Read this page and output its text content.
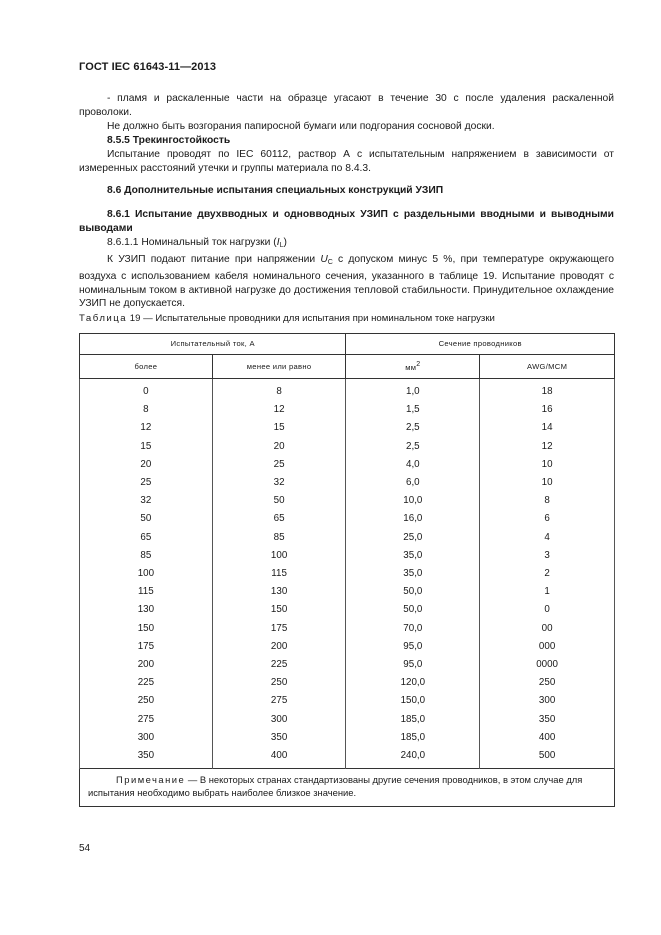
ГОСТ IEC 61643-11—2013

- пламя и раскаленные части на образце угасают в течение 30 с после удаления раскаленной проволоки.

Не должно быть возгорания папиросной бумаги или подгорания сосновой доски.

8.5.5 Трекингостойкость

Испытание проводят по IEC 60112, раствор А с испытательным напряжением в зависимости от измеренных расстояний утечки и группы материала по 8.4.3.

8.6 Дополнительные испытания специальных конструкций УЗИП

8.6.1 Испытание двухвводных и одновводных УЗИП с раздельными вводными и выводными выводами

8.6.1.1 Номинальный ток нагрузки $(I_L)$

К УЗИП подают питание при напряжении $U_C$ с допуском минус 5 %, при температуре окружающего воздуха с использованием кабеля номинального сечения, указанного в таблице 19. Испытание проводят с номинальным током в активной нагрузке до достижения тепловой стабильности. Принудительное охлаждение УЗИП не допускается.

Таблица 19 — Испытательные проводники для испытания при номинальном токе нагрузки
Испытательный ток, А		Сечение проводников	
более	менее или равно	мм2	AWG/MCM
0	8	1,0	18
8	12	1,5	16
12	15	2,5	14
15	20	2,5	12
20	25	4,0	10
25	32	6,0	10
32	50	10,0	8
50	65	16,0	6
65	85	25,0	4
85	100	35,0	3
100	115	35,0	2
115	130	50,0	1
130	150	50,0	0
150	175	70,0	00
175	200	95,0	000
200	225	95,0	0000
225	250	120,0	250
250	275	150,0	300
275	300	185,0	350
300	350	185,0	400
350	400	240,0	500
Примечание — В некоторых странах стандартизованы другие сечения проводников, в этом случае для испытания необходимо выбрать наиболее близкое значение.			
54
